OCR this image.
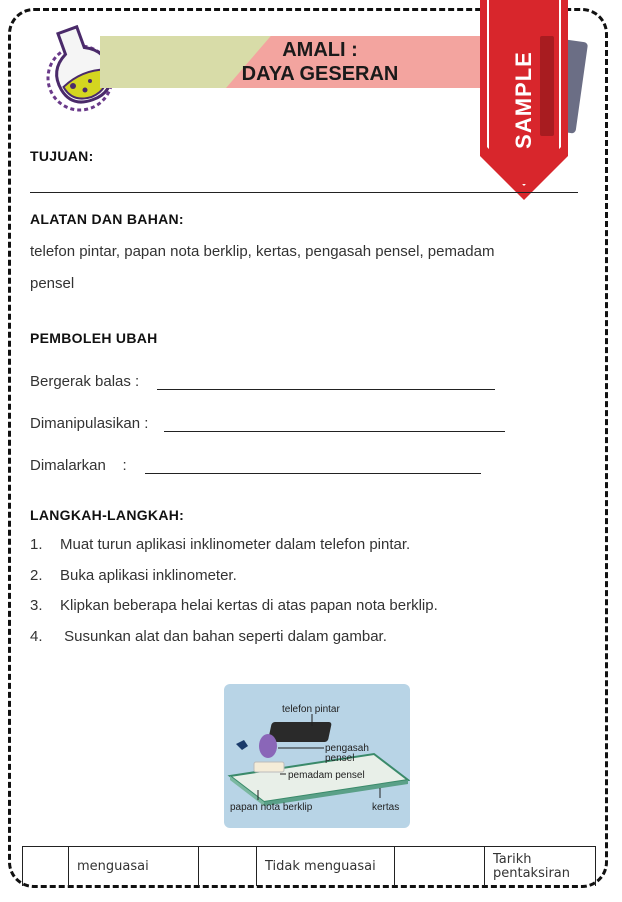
AMALI :
DAYA GESERAN	SAMPLE
TUJUAN:
ALATAN DAN BAHAN:
telefon pintar, papan nota berklip, kertas, pengasah pensel, pemadam
pensel
PEMBOLEH UBAH
Bergerak balas :
Dimanipulasikan :
Dimalarkan    :
LANGKAH-LANGKAH:
1.	Muat turun aplikasi inklinometer dalam telefon pintar.
2.	Buka aplikasi inklinometer.
3.	Klipkan beberapa helai kertas di atas papan nota berklip.
4.	Susunkan alat dan bahan seperti dalam gambar.
telefon pintar
pengasah
pensel
pemadam pensel
papan nota berklip	kertas
menguasai	Tidak menguasai	Tarikh
pentaksiran
